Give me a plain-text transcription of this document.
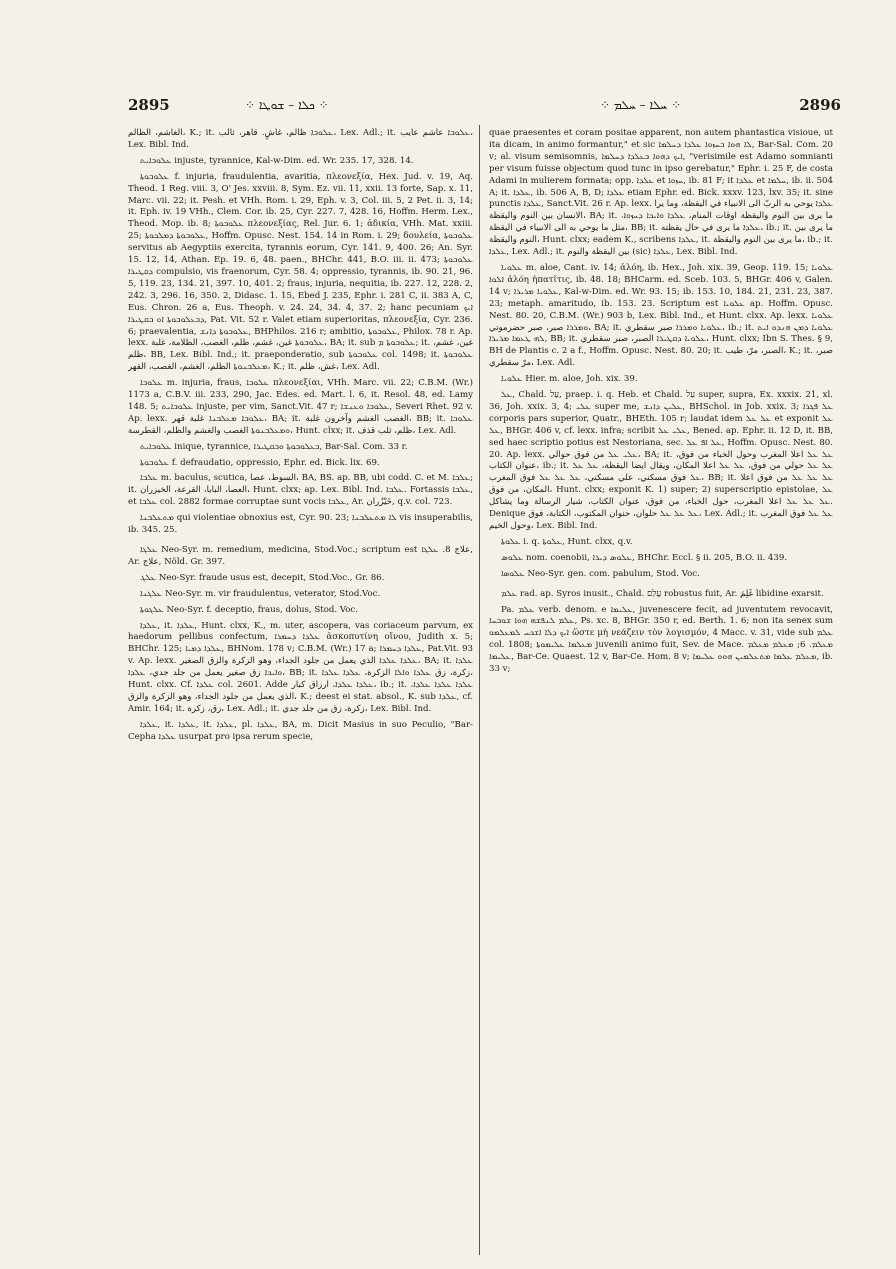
2895	⁘ ܟܠܐ – ܫܘܛܐ ⁘	⁘ ܚܠܐ – ܚܠܡ ⁘	2896

الغاشم، الظالم، K.; it. ܥܠܘܒܐ ظالم، غاشٍ. قاهر، ثالب، Lex. Adl.; it. ܥܠܘܒܐ عاشم عايب، Lex. Bibl. Ind.

ܥܠܘܒܐܝܬ injuste, tyrannice, Kal-w-Dim. ed. Wr. 235. 17, 328. 14.

ܥܠܘܒܘܬܐ f. injuria, fraudulentia, avaritia, πλεονεξία, Hex. Jud. v. 19, Aq. Theod. 1 Reg. viii. 3, O' Jes. xxviii. 8, Sym. Ez. vii. 11, xxii. 13 forte, Sap. x. 11, Marc. vii. 22; it. Pesh. et VHh. Rom. i. 29, Eph. v. 3, Col. iii. 5, 2 Pet. ii. 3, 14; it. Eph. iv. 19 VHh., Clem. Cor. ib. 25, Cyr. 227. 7, 428. 16, Hoffm. Herm. Lex., Theod. Mop. ib. 8; ܥܠܘܒܘܬܐ πλεονεξίας, Rel. Jur. 6. 1; ἀδικία, VHh. Mat. xxiii. 25; ܥܠܘܒܘܬܐ ܕܡܠܟܘܬܐ, Hoffm. Opusc. Nest. 154. 14 in Rom. i. 29; δουλεία, ܥܠܘܒܘܬܐ servitus ab Aegyptiis exercita, tyrannis eorum, Cyr. 141. 9, 400. 26; An. Syr. 15. 12, 14, Athan. Ep. 19. 6, 48. paen., BHChr. 441, B.O. iii. ii. 473; ܥܠܘܒܘܬܐ ܕܩܛܝܪܐ compulsio, vis fraenorum, Cyr. 58. 4; oppressio, tyrannis, ib. 90. 21, 96. 5, 119. 23, 134. 21, 397. 10, 401. 2; fraus, injuria, nequitia, ib. 227. 12, 228. 2, 242. 3, 296. 16, 350. 2, Didasc. 1. 15, Ebed J. 235, Ephr. i. 281 C, ii. 383 A, C, Eus. Chron. 26 a, Eus. Theoph. v. 24. 24, 34. 4, 37. 2; hanc pecuniam ܐܝܟ ܕܒܥܠܘܒܘܬܐ ܐܘ ܒܩܛܝܪܐ, Pat. Vit. 52 r. Valet etiam superioritas, πλεονεξία, Cyr. 236. 6; praevalentia, ܥܠܘܒܘܬܐ ܕܐܢܫ, BHPhilos. 216 r; ambitio, ܥܠܘܒܘܬܐ, Philox. 78 r. Ap. lexx. ܥܠܘܒܘܬܐ غين، غشم، ظلم، الغصب، الظلامة، غلبة، BA; it. sub ܥܠܘܒܘܬܐ ܡ; it. غين، غشم، ظلم، BB, Lex. Bibl. Ind.; it. praeponderatio, sub ܥܠܘܒܘܬܐ col. 1498; it. ܥܠܘܒܘܬܐ ܡܥܠܒܢܘܬܐ الظلم، الغشم، الغصب، القهر، K.; it. غش، ظلم، Lex. Adl.

ܥܠܘܒܐ m. injuria, fraus, ܥܠܘܒܐ πλεονεξίαι, VHh. Marc. vii. 22; C.B.M. (Wr.) 1173 a, C.B.V. iii. 233, 290, Jac. Edes. ed. Mart. l. 6, it. Resol. 48, ed. Lamy 148. 5; ܥܠܘܒܐܝܬ injuste, per vim, Sanct.Vit. 47 r; ܥܠܘܒܐ ܘܥܢܫܐ, Severi Rhet. 92 v. Ap. lexx. ܥܠܘܒܐ ܡܥܠܒܢܐ غلبة قهر، BA; it. الغصب الغشم وآخرون غلبة، BB; it. ܥܠܘܒܐ ܘܡܥܠܒܢܘܬܐ الغصب والغشم والظلم، القطرسة، Hunt. clxx; it. ظلم، ثلب قذف، Lex. Adl.

ܥܠܘܒܐܝܬ inique, tyrannice, ܒܥܠܘܒܘܬܐ ܘܒܩܛܝܪܐ, Bar-Sal. Com. 33 r.

ܥܠܘܒܘܬܐ f. defraudatio, oppressio, Ephr. ed. Bick. lix. 69.

ܥܠܒܐ m. baculus, scutica, السوط، عصا، BA, BS. ap. BB, ubi codd. C. et M. ܥܠܒܐ; it. العصا، البابا، القرعة، الخيزران، Hunt. clxx; ap. Lex. Bibl. Ind. ܥܠܒܐ. Fortassis ܥܠܒܐ, et ܥܠܒܐ col. 2882 formae corruptae sunt vocis ܥܠܒܐ, Ar. خَيْزُران, q.v. col. 723.

ܡܬܥܠܒܢܐ qui violentiae obnoxius est, Cyr. 90. 23; ܠܐ ܡܬܥܠܒܢܐ vis insuperabilis, ib. 345. 25.

ܥܠܓܐ Neo-Syr. m. remedium, medicina, Stod.Voc.; scriptum est علاج 8. ܥܠܓܐ, Ar. علاج, Nöld. Gr. 397.

ܥܠܓ Neo-Syr. fraude usus est, decepit, Stod.Voc., Gr. 86.

ܥܠܓܢܐ Neo-Syr. m. vir fraudulentus, veterator, Stod.Voc.

ܥܠܓܘܬܐ Neo-Syr. f. deceptio, fraus, dolus, Stod. Voc.

ܥܠܕܐ, it. ܥܠܕܐ, Hunt. clxx, K., m. uter, ascopera, vas coriaceum parvum, ex haedorum pellibus confectum, ܥܠܕܐ ܕܚܡܪܐ ἀσκοπυτίνη οἴνου, Judith x. 5; BHChr. 125; ܥܠܕܐ ܕܡܝܐ, BHNom. 178 v; C.B.M. (Wr.) 17 a; ܥܠܕܐ ܕܚܡܪܐ, Pat.Vit. 93 v. Ap. lexx. ܥܠܕܐ ܥܠܕܐ الذي يعمل من جلود الجداء، وهو الزكرة والزق الصغير، BA; it. ܥܠܕܐ ܘܐܝܟܐ زق صغير يعمل من جلد جدي، ܥܠܕܐ، BB; it. زكرة، زق ܥܠܕܐ ܘܐܠܐ الزكرة، ܥܠܕܐ ܥܠܕܐ، Hunt. clxx. Cf. ܥܠܕܐ col. 2601. Adde ܥܠܕܐ ܥܠܕܐ، ارزاق كبار، ib.; it. ܥܠܕܐ ܥܠܕܐ ܥܠܕܐ، الذي يعمل من جلود الجداء، وهو الزكرة والزق، K.; deest ei stat. absol., K. sub ܥܠܕܐ, cf. Amir. 164; it. زق، زكرة، Lex. Adl.; it. زكرة، زق من جلد جدي، Lex. Bibl. Ind.

ܥܠܕܐ, it. ܥܠܕܐ, it. ܥܠܕܐ, pl. ܥܠܕܐ, BA, m. Dicit Masius in suo Peculio, "Bar-Cepha ܥܠܕܐ usurpat pro ipsa rerum specie,

quae praesentes et coram positae apparent, non autem phantastica visioue, ut ita dicam, in animo formantur," et sic ܠܐ ܗܘܐ ܒܚܙܘܐ ܥܠܕܐ ܕܚܠܡܐ, Bar-Sal. Com. 20 v; al. visum semisomnis, ܐܝܟ ܕܗܘܐ ܒܥܠܕܐ ܕܚܠܡܐ, "verisimile est Adamo somnianti per visum fuisse objectum quod tunc in ipso gerebatur," Ephr. i. 25 F, de costa Adami in mulierem formata; opp. ܥܠܕܐ et ܚܙܘܐ, ib. 81 F; it ܥܠܕܐ et ܚܠܡܐ, ib. ii. 504 A; it. ܥܠܕܐ, ib. 506 A, B, D; ܥܠܕܐ etiam Ephr. ed. Bick. xxxv. 123, lxv. 35; it. sine punctis ܥܠܕܐ, Sanct.Vit. 26 r. Ap. lexx. ܥܠܕܐ يوحي به الربّ الى الانبياء في اليقظة، وما يرا الانسان بين النوم واليقظة، BA; it. ما يرى بين النوم واليقظة اوقات المنام، ܥܠܕܐ ܘܐܝܟܐ ܕܚܙܘܐ، مثل ما يوحي به الى الانبياء في اليقظة، BB; it. ܥܠܕܐ ما يرى في حال يقظته، ib.; it. ما يرى بين النوم واليقظة، Hunt. clxx; eadem K., scribens ܥܠܕܐ, it. ما يرى بين النوم واليقظة، ib.; it. ܥܠܕܐ, Lex. Adl.; it. بين اليقظة والنوم (sic) ܥܠܕܐ, Lex. Bibl. Ind.

ܥܠܘܝܐ m. aloe, Cant. iv. 14; ἀλόη, ib. Hex., Joh. xix. 39, Geop. 119. 15; ܥܠܘܝܐ ܐܠܘܐ ἀλόη ἡπατῖτις, ib. 48. 18; BHCarm. ed. Sceb. 103. 5, BHGr. 406 v, Galen. 14 v; ܥܠܘܝܐ ܡܪܝܪܐ, Kal-w-Dim. ed. Wr. 93. 15; ib. 153. 10, 184. 21, 231. 23, 387. 23; metaph. amaritudo, ib. 153. 23. Scriptum est ܥܠܘܝܐ ap. Hoffm. Opusc. Nest. 80. 20, C.B.M. (Wr.) 903 b, Lex. Bibl. Ind., et Hunt. clxx. Ap. lexx. ܥܠܘܝܐ ܘܡܪܪܐ صبر، صبر حضرموتي، BA; it. ܥܠܘܝܐ ܘܡܪܪܐ صبر سقطري، ib.; it. ܥܠܘܝܐ ܕܡܢ ܗܢܕܘ ܐܝܬ ܠܗ ܛܥܡܐ ܡܪܝܪܐ, BB; it. ܥܠܘܝܐ ܕܩܛܝܪܐ الصبر، صبر سقطري، Hunt. clxx; Ibn S. Thes. § 9, BH de Plantis c. 2 a f., Hoffm. Opusc. Nest. 80. 20; it. الصبر، مرّ، طيب، K.; it. صبر، مرّ سقطري، Lex. Adl.

ܥܠܘܝܐ Hier. m. aloe, Joh. xix. 39.

ܥܠ, Chald. עַל, praep. i. q. Heb. et Chald. עַל super, supra, Ex. xxxix. 21, xl. 36, Joh. xxix. 3, 4; ܥܠܝ super me, ܥܠܝܢ ܕܐܢܫ, BHSchol. in Job. xxix. 3; ܥܠ ܦܓܪܐ corporis pars superior, Quatr., BHEth. 105 r; laudat idem ܥܠ ܥܠ et exponit ܥܠ ܥܠ, BHGr. 406 v, cf. lexx. infra; scribit ܥܠܝ ܥܠ, Bened. ap. Ephr. ii. 12 D, it. BB, sed haec scriptio potius est Nestoriana, sec. ܥܠ ܐܦ ܥܠ, Hoffm. Opusc. Nest. 80. 20. Ap. lexx. ܥܠܝ ܥܠ من فوق حوالي، BA; it. ܥܠ ܥܠ اعلا المغرب وحول الخباء من فوق، عنوان الكتاب، ib.; it. ܥܠ ܥܠ حولي من فوق، ܥܠ ܥܠ اعلا المكان، ويقال ايضا اليقظة، ܥܠ ܥܠ ܥܠ فوق مسكني، علي مسكني، ܥܠ ܥܠ ܥܠ فوق المغرب، BB; it. ܥܠ ܥܠ ܥܠ من فوق اعلا المكان، من فوق، Hunt. clxx; exponit K. 1) super; 2) superscriptio epistolae, ܥܠ ܥܠ ܥܠ ܥܠ اعلا المغرب، حول الخباء، من فوق، عنوان الكتاب، شيار الرسالة وما يشاكل. Denique ܥܠ ܥܠ ܥܠ حلوان، حنوان المكتوب، الكتابة، فوق، Lex. Adl.; it. ܥܠ ܥܠ فوق المغرب وحول الخيم، Lex. Bibl. Ind.

ܥܠܘܬܐ i. q. ܥܠܘܬܐ, Hunt. clxx, q.v.

ܥܠܘܣ nom. coenobii, ܥܠܘܣ ܕܝܪܐ, BHChr. Eccl. § ii. 205, B.O. ii. 439.

ܥܠܘܣܐ Neo-Syr. gen. com. pabulum, Stod. Voc.

ܥܠܡ rad. ap. Syros inusit., Chald. עֲלַם robustus fuit, Ar. غَلِمَ libidine exarsit.

Pa. ܥܠܡ verb. denom. e ܥܠܝܡܐ, juvenescere fecit, ad juventutem revocavit, ܥܠܡ ܠܢܦܫܗ ܗܘܐ ܫܘܒܚܐ, Ps. xc. 8, BHGr. 350 r, ed. Berth. 1. 6; non ita senex sum ܐܝܟ ܕܠܐ ܐܫܟܚ ܠܡܥܠܡܘ ὥστε μὴ νεάζειν τὸν λογισμόν, 4 Macc. v. 31, vide sub ܥܠܡ col. 1808; ܡܥܠܡܐ ܥܠܝܡܘܬܐ juvenili animo fuit, Sev. de Mace. ܡܥܠܡ. 6; ܡܥܠܡ ܡܥܠܡ ܥܠܝܡܐ, Bar-Ce. Quaest. 12 v, Bar-Ce. Hom. 8 v; ܡܥܠܡ ܥܠܡܐ ܡܬܥܠܡܝܢ ܗܘܘ ܥܠܝܡܐ, ib. 33 v;
